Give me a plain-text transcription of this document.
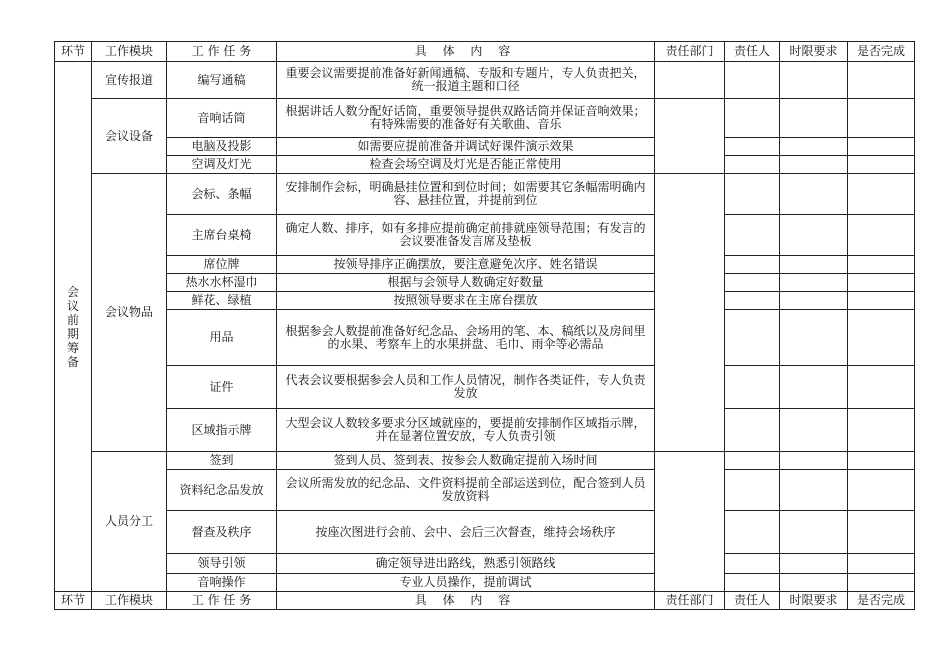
环节	工作模块	工 作 任 务	具 体 内 容	责任部门	责任人	时限要求	是否完成
会议前期筹备	宣传报道	编写通稿	重要会议需要提前准备好新闻通稿、专版和专题片，专人负责把关，统一报道主题和口径				
	会议设备	音响话筒	根据讲话人数分配好话筒，重要领导提供双路话筒并保证音响效果；有特殊需要的准备好有关歌曲、音乐				
		电脑及投影	如需要应提前准备并调试好课件演示效果				
		空调及灯光	检查会场空调及灯光是否能正常使用				
	会议物品	会标、条幅	安排制作会标，明确悬挂位置和到位时间；如需要其它条幅需明确内容、悬挂位置，并提前到位				
		主席台桌椅	确定人数、排序，如有多排应提前确定前排就座领导范围；有发言的会议要准备发言席及垫板				
		席位牌	按领导排序正确摆放，要注意避免次序、姓名错误				
		热水水杯湿巾	根据与会领导人数确定好数量				
		鲜花、绿植	按照领导要求在主席台摆放				
		用品	根据参会人数提前准备好纪念品、会场用的笔、本、稿纸以及房间里的水果、考察车上的水果拼盘、毛巾、雨伞等必需品				
		证件	代表会议要根据参会人员和工作人员情况，制作各类证件，专人负责发放				
		区域指示牌	大型会议人数较多要求分区域就座的，要提前安排制作区域指示牌，并在显著位置安放，专人负责引领				
	人员分工	签到	签到人员、签到表、按参会人数确定提前入场时间				
		资料纪念品发放	会议所需发放的纪念品、文件资料提前全部运送到位，配合签到人员发放资料				
		督查及秩序	按座次图进行会前、会中、会后三次督查，维持会场秩序				
		领导引领	确定领导进出路线，熟悉引领路线				
		音响操作	专业人员操作，提前调试				
环节	工作模块	工 作 任 务	具 体 内 容	责任部门	责任人	时限要求	是否完成
